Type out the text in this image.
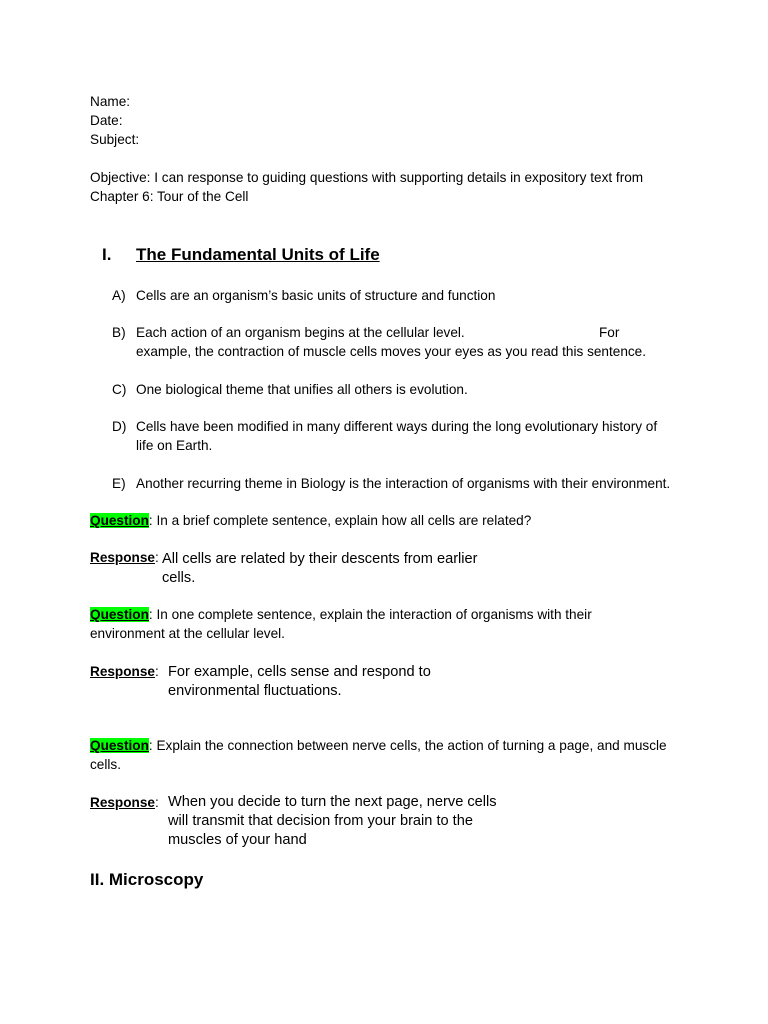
Name:
Date:
Subject:
Objective: I can response to guiding questions with supporting details in expository text from
Chapter 6: Tour of the Cell
I. The Fundamental Units of Life
A) Cells are an organism’s basic units of structure and function
B) Each action of an organism begins at the cellular level.	For
example, the contraction of muscle cells moves your eyes as you read this sentence.
C) One biological theme that unifies all others is evolution.
D) Cells have been modified in many different ways during the long evolutionary history of
life on Earth.
E) Another recurring theme in Biology is the interaction of organisms with their environment.
Question: In a brief complete sentence, explain how all cells are related?
Response: All cells are related by their descents from earlier
cells.
Question: In one complete sentence, explain the interaction of organisms with their
environment at the cellular level.
Response: For example, cells sense and respond to
environmental fluctuations.
Question: Explain the connection between nerve cells, the action of turning a page, and muscle
cells.
Response: When you decide to turn the next page, nerve cells
will transmit that decision from your brain to the
muscles of your hand
II. Microscopy
